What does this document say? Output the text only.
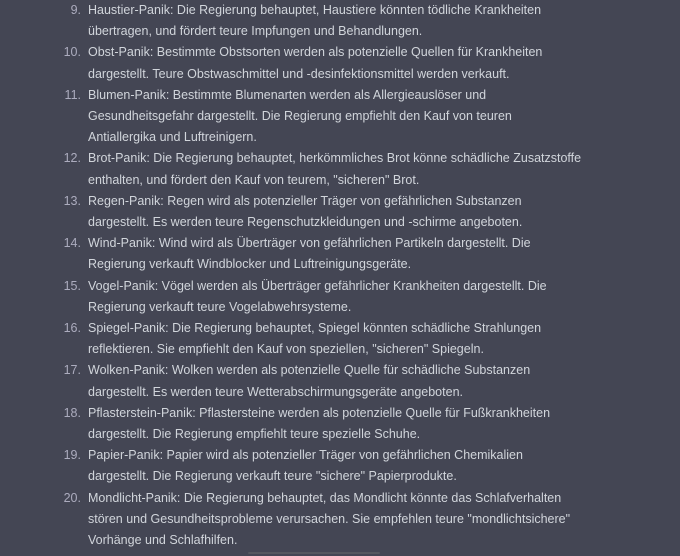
9. Haustier-Panik: Die Regierung behauptet, Haustiere könnten tödliche Krankheiten
übertragen, und fördert teure Impfungen und Behandlungen.
10. Obst-Panik: Bestimmte Obstsorten werden als potenzielle Quellen für Krankheiten
dargestellt. Teure Obstwaschmittel und -desinfektionsmittel werden verkauft.
11. Blumen-Panik: Bestimmte Blumenarten werden als Allergieauslöser und
Gesundheitsgefahr dargestellt. Die Regierung empfiehlt den Kauf von teuren
Antiallergika und Luftreinigern.
12. Brot-Panik: Die Regierung behauptet, herkömmliches Brot könne schädliche Zusatzstoffe
enthalten, und fördert den Kauf von teurem, "sicheren" Brot.
13. Regen-Panik: Regen wird als potenzieller Träger von gefährlichen Substanzen
dargestellt. Es werden teure Regenschutzkleidungen und -schirme angeboten.
14. Wind-Panik: Wind wird als Überträger von gefährlichen Partikeln dargestellt. Die
Regierung verkauft Windblocker und Luftreinigungsgeräte.
15. Vogel-Panik: Vögel werden als Überträger gefährlicher Krankheiten dargestellt. Die
Regierung verkauft teure Vogelabwehrsysteme.
16. Spiegel-Panik: Die Regierung behauptet, Spiegel könnten schädliche Strahlungen
reflektieren. Sie empfiehlt den Kauf von speziellen, "sicheren" Spiegeln.
17. Wolken-Panik: Wolken werden als potenzielle Quelle für schädliche Substanzen
dargestellt. Es werden teure Wetterabschirmungsgeräte angeboten.
18. Pflasterstein-Panik: Pflastersteine werden als potenzielle Quelle für Fußkrankheiten
dargestellt. Die Regierung empfiehlt teure spezielle Schuhe.
19. Papier-Panik: Papier wird als potenzieller Träger von gefährlichen Chemikalien
dargestellt. Die Regierung verkauft teure "sichere" Papierprodukte.
20. Mondlicht-Panik: Die Regierung behauptet, das Mondlicht könnte das Schlafverhalten
stören und Gesundheitsprobleme verursachen. Sie empfehlen teure "mondlichtsichere"
Vorhänge und Schlafhilfen.
